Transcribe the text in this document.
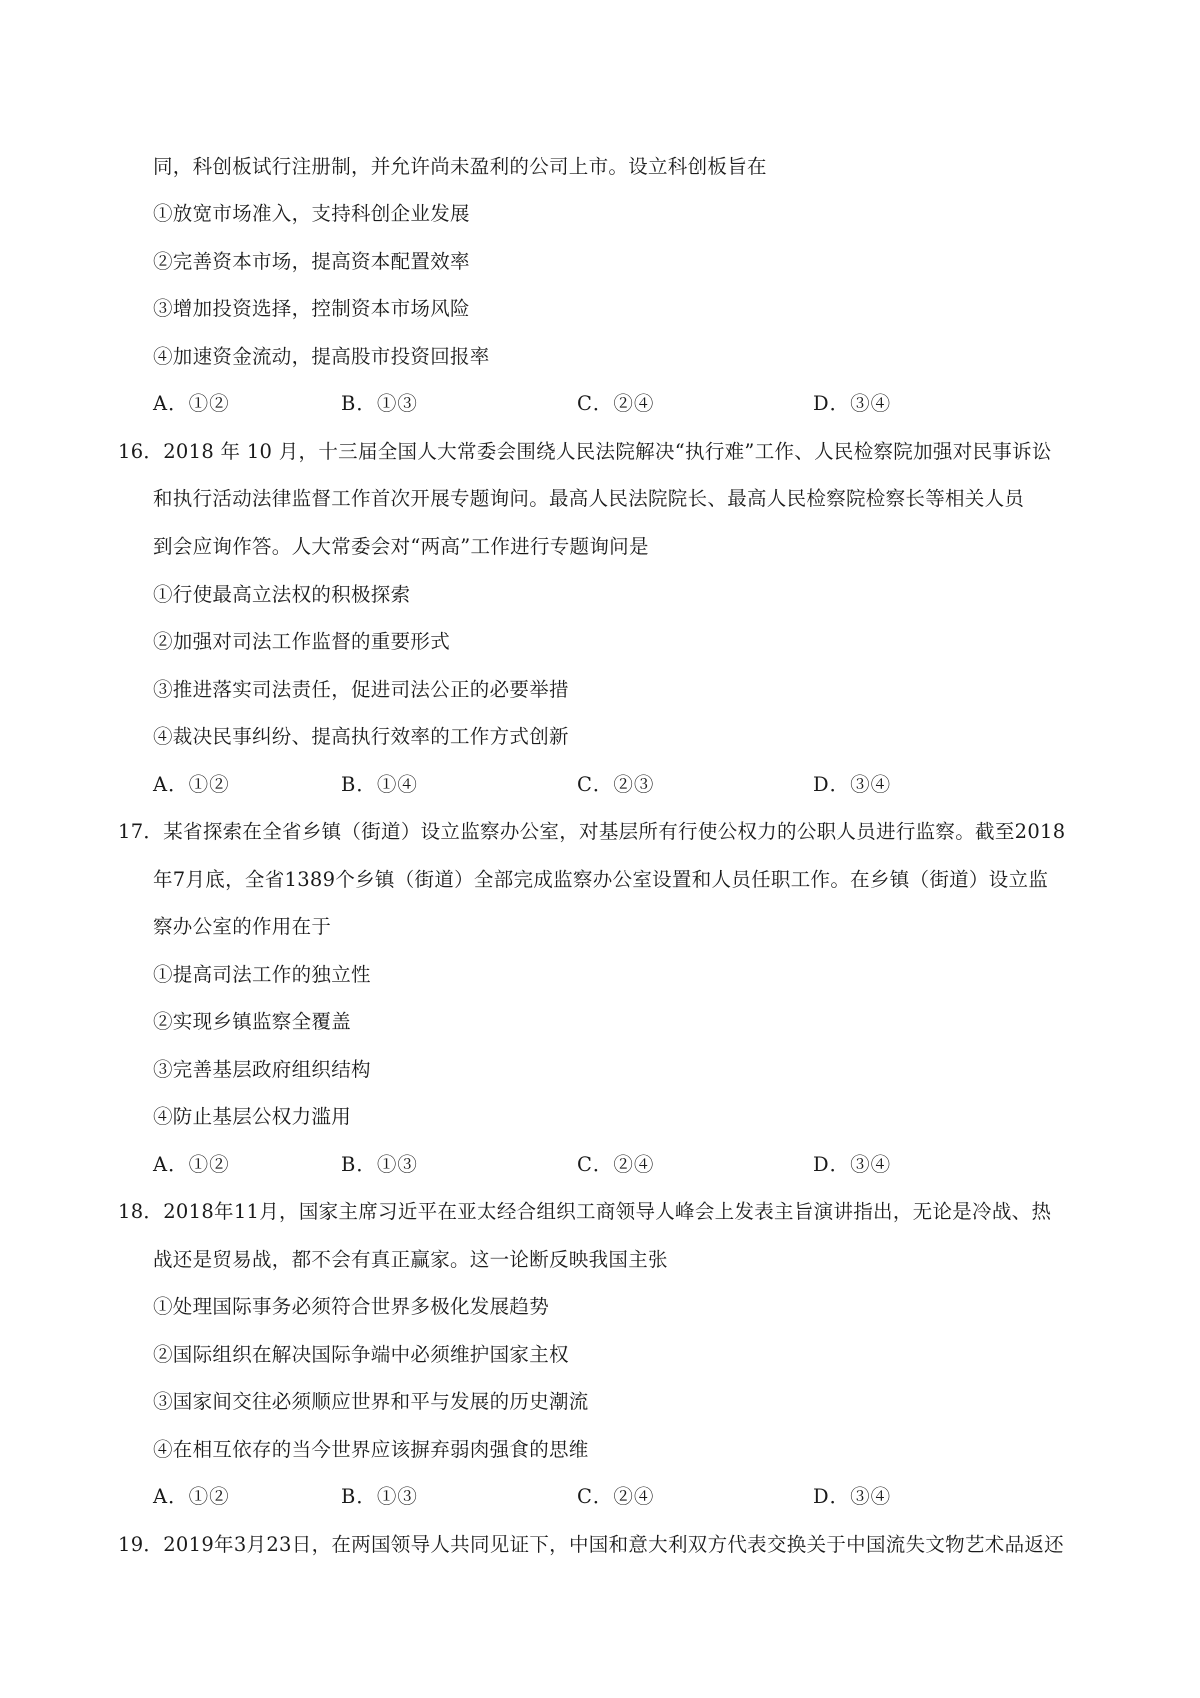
同，科创板试行注册制，并允许尚未盈利的公司上市。设立科创板旨在
①放宽市场准入，支持科创企业发展
②完善资本市场，提高资本配置效率
③增加投资选择，控制资本市场风险
④加速资金流动，提高股市投资回报率
A．①②	B．①③	C．②④	D．③④
16．2018 年 10 月，十三届全国人大常委会围绕人民法院解决“执行难”工作、人民检察院加强对民事诉讼
和执行活动法律监督工作首次开展专题询问。最高人民法院院长、最高人民检察院检察长等相关人员
到会应询作答。人大常委会对“两高”工作进行专题询问是
①行使最高立法权的积极探索
②加强对司法工作监督的重要形式
③推进落实司法责任，促进司法公正的必要举措
④裁决民事纠纷、提高执行效率的工作方式创新
A．①②	B．①④	C．②③	D．③④
17．某省探索在全省乡镇（街道）设立监察办公室，对基层所有行使公权力的公职人员进行监察。截至2018
年7月底，全省1389个乡镇（街道）全部完成监察办公室设置和人员任职工作。在乡镇（街道）设立监
察办公室的作用在于
①提高司法工作的独立性
②实现乡镇监察全覆盖
③完善基层政府组织结构
④防止基层公权力滥用
A．①②	B．①③	C．②④	D．③④
18．2018年11月，国家主席习近平在亚太经合组织工商领导人峰会上发表主旨演讲指出，无论是冷战、热
战还是贸易战，都不会有真正赢家。这一论断反映我国主张
①处理国际事务必须符合世界多极化发展趋势
②国际组织在解决国际争端中必须维护国家主权
③国家间交往必须顺应世界和平与发展的历史潮流
④在相互依存的当今世界应该摒弃弱肉强食的思维
A．①②	B．①③	C．②④	D．③④
19．2019年3月23日，在两国领导人共同见证下，中国和意大利双方代表交换关于中国流失文物艺术品返还
